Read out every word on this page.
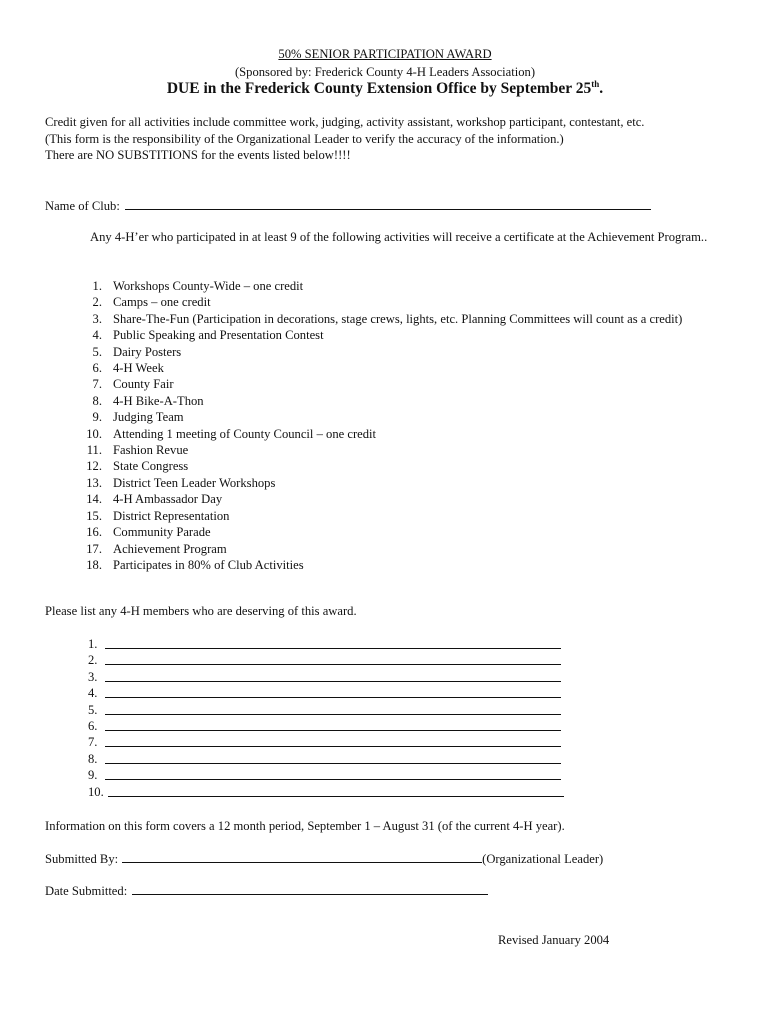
50% SENIOR PARTICIPATION AWARD
(Sponsored by: Frederick County 4-H Leaders Association)
DUE in the Frederick County Extension Office by September 25th.
Credit given for all activities include committee work, judging, activity assistant, workshop participant, contestant, etc.
(This form is the responsibility of the Organizational Leader to verify the accuracy of the information.)
There are NO SUBSTITIONS for the events listed below!!!!
Name of Club:
Any 4-H’er who participated in at least 9 of the following activities will receive a certificate at the Achievement Program..
1. Workshops County-Wide – one credit
2. Camps – one credit
3. Share-The-Fun (Participation in decorations, stage crews, lights, etc. Planning Committees will count as a credit)
4. Public Speaking and Presentation Contest
5. Dairy Posters
6. 4-H Week
7. County Fair
8. 4-H Bike-A-Thon
9. Judging Team
10. Attending 1 meeting of County Council – one credit
11. Fashion Revue
12. State Congress
13. District Teen Leader Workshops
14. 4-H Ambassador Day
15. District Representation
16. Community Parade
17. Achievement Program
18. Participates in 80% of Club Activities
Please list any 4-H members who are deserving of this award.
1.
2.
3.
4.
5.
6.
7.
8.
9.
10.
Information on this form covers a 12 month period, September 1 – August 31 (of the current 4-H year).
Submitted By:	(Organizational Leader)
Date Submitted:
Revised January 2004
